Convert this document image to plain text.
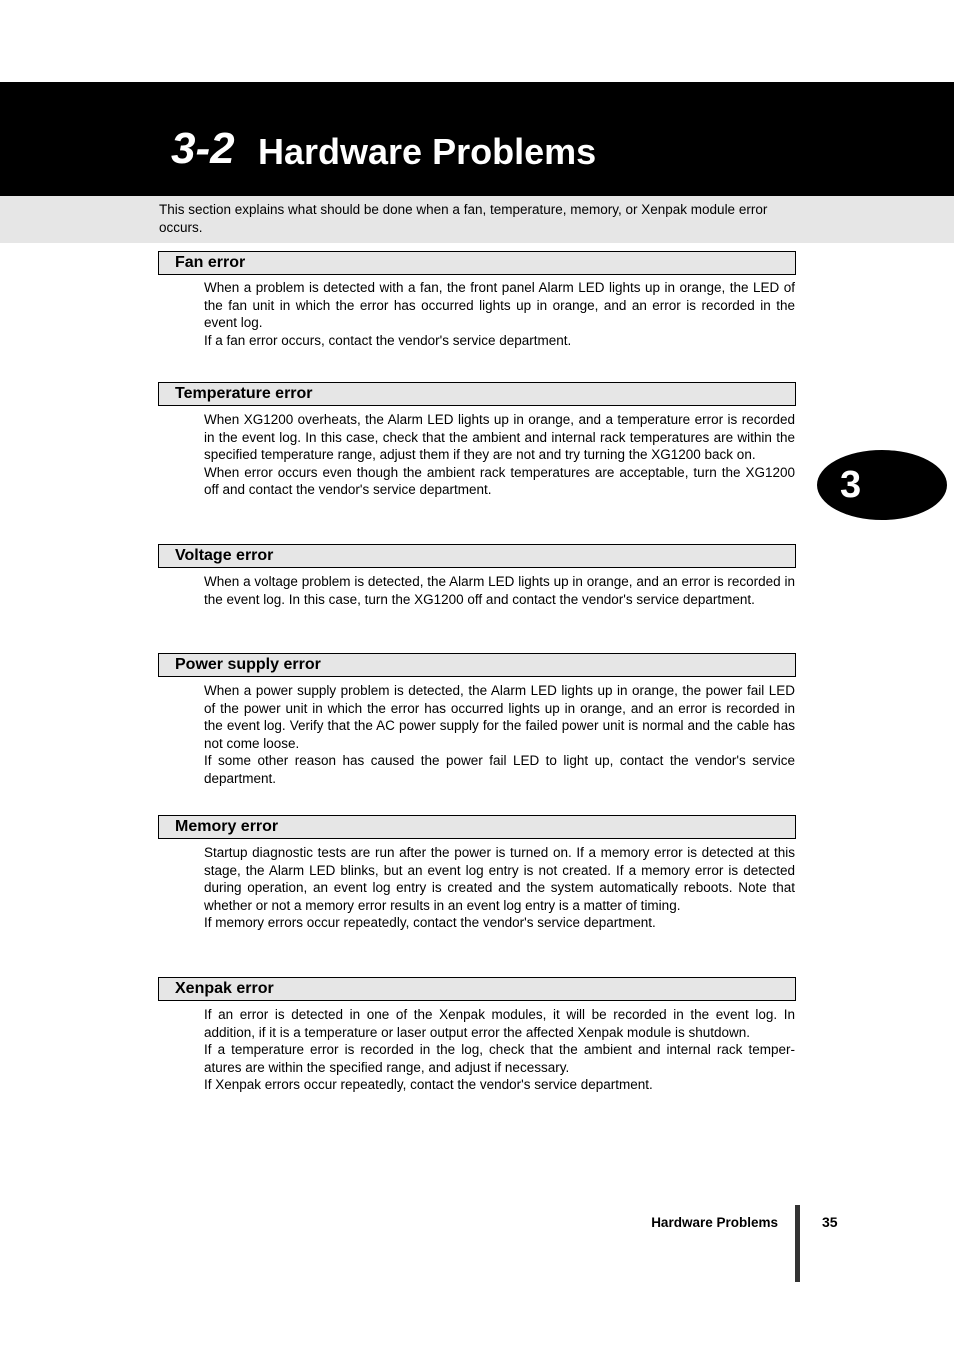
3-2 Hardware Problems
This section explains what should be done when a fan, temperature, memory, or Xenpak module error occurs.
Fan error

When a problem is detected with a fan, the front panel Alarm LED lights up in orange, the LED of the fan unit in which the error has occurred lights up in orange, and an error is recorded in the event log.

If a fan error occurs, contact the vendor's service department.

Temperature error

When XG1200 overheats, the Alarm LED lights up in orange, and a temperature error is recorded in the event log. In this case, check that the ambient and internal rack temperatures are within the specified temperature range, adjust them if they are not and try turning the XG1200 back on.

When error occurs even though the ambient rack temperatures are acceptable, turn the XG1200 off and contact the vendor's service department.

Voltage error

When a voltage problem is detected, the Alarm LED lights up in orange, and an error is recorded in the event log. In this case, turn the XG1200 off and contact the vendor's service department.

Power supply error

When a power supply problem is detected, the Alarm LED lights up in orange, the power fail LED of the power unit in which the error has occurred lights up in orange, and an error is recorded in the event log. Verify that the AC power supply for the failed power unit is normal and the cable has not come loose.

If some other reason has caused the power fail LED to light up, contact the vendor's service department.

Memory error

Startup diagnostic tests are run after the power is turned on. If a memory error is detected at this stage, the Alarm LED blinks, but an event log entry is not created. If a memory error is detected during operation, an event log entry is created and the system automatically reboots. Note that whether or not a memory error results in an event log entry is a matter of timing.

If memory errors occur repeatedly, contact the vendor's service department.

Xenpak error

If an error is detected in one of the Xenpak modules, it will be recorded in the event log. In addition, if it is a temperature or laser output error the affected Xenpak module is shutdown.

If a temperature error is recorded in the log, check that the ambient and internal rack temper- atures are within the specified range, and adjust if necessary.

If Xenpak errors occur repeatedly, contact the vendor's service department.

3
Hardware Problems	35
